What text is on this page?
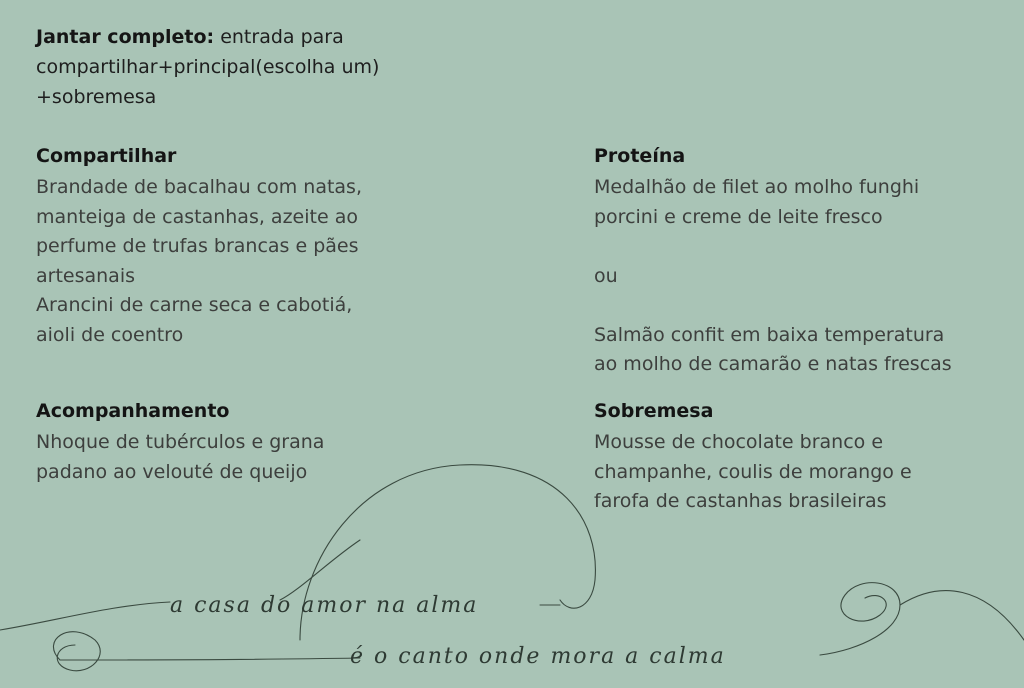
Jantar completo: entrada para
compartilhar+principal(escolha um)
+sobremesa
Compartilhar
Brandade de bacalhau com natas,
manteiga de castanhas, azeite ao
perfume de trufas brancas e pães
artesanais
Arancini de carne seca e cabotiá,
aioli de coentro
Acompanhamento
Nhoque de tubérculos e grana
padano ao velouté de queijo
Proteína
Medalhão de filet ao molho funghi
porcini e creme de leite fresco

ou

Salmão confit em baixa temperatura
ao molho de camarão e natas frescas
Sobremesa
Mousse de chocolate branco e
champanhe, coulis de morango e
farofa de castanhas brasileiras
a casa do amor na alma
é o canto onde mora a calma
